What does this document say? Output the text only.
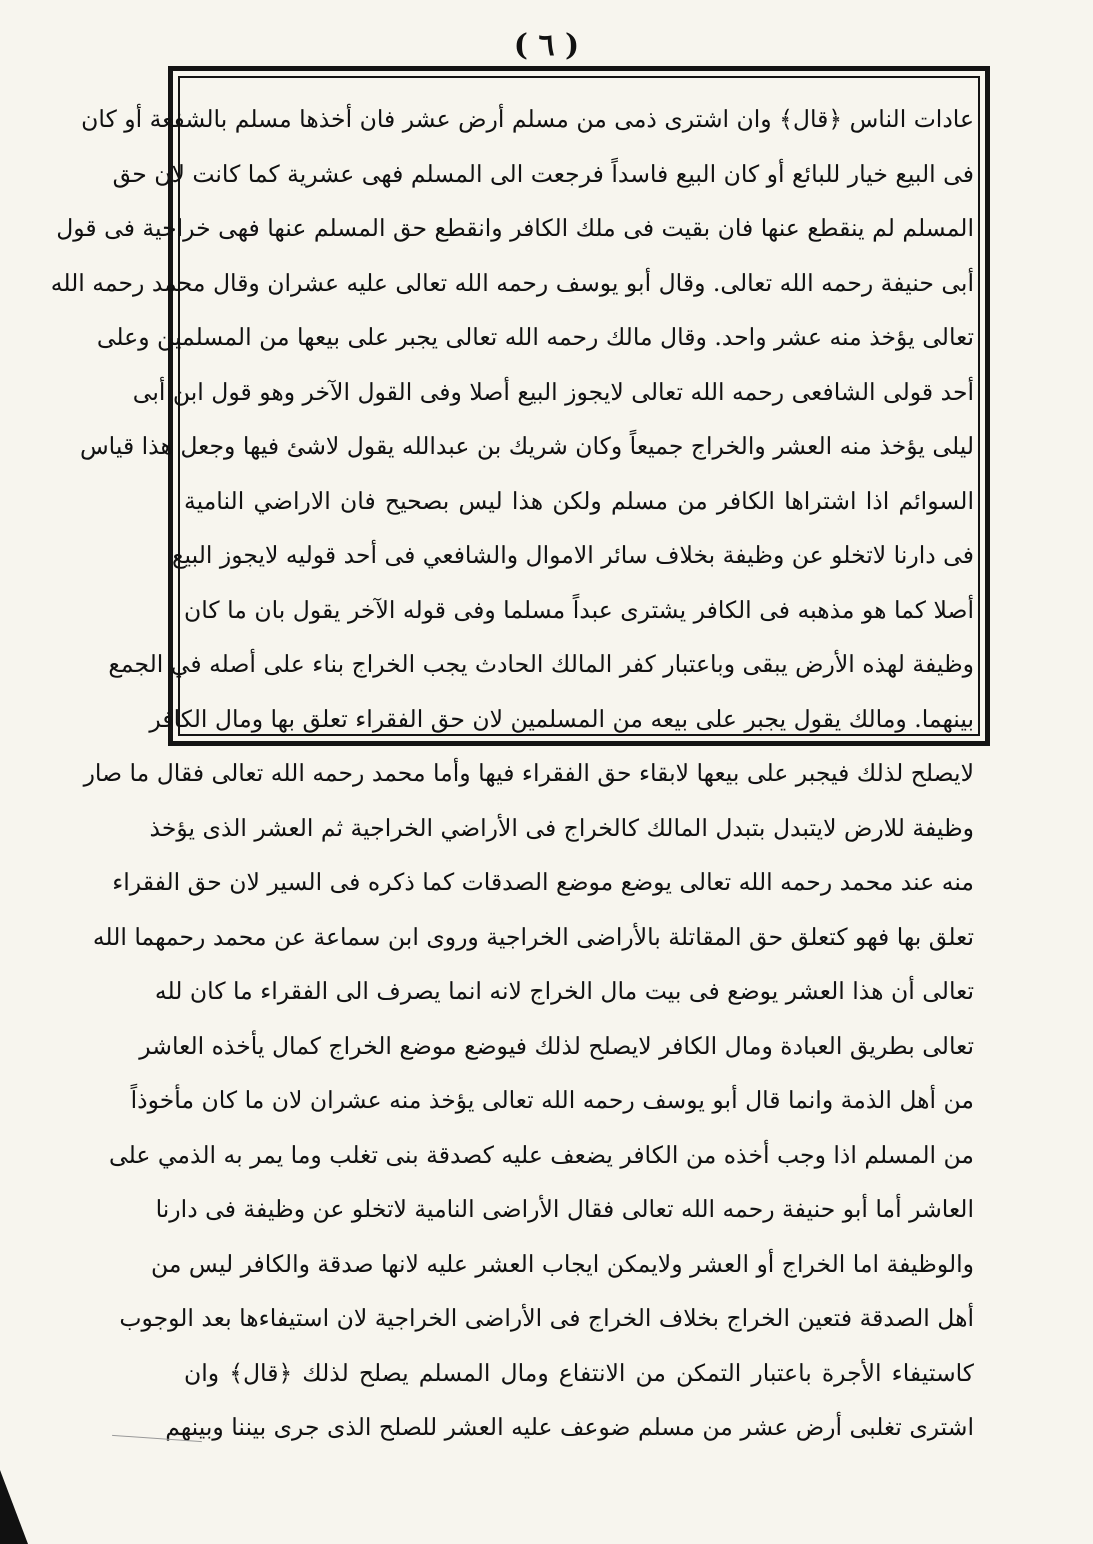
( ٦ )
عادات الناس ﴿قال﴾ وان اشترى ذمى من مسلم أرض عشر فان أخذها مسلم بالشفعة أو كان
فى البيع خيار للبائع أو كان البيع فاسداً فرجعت الى المسلم فهى عشرية كما كانت لان حق
المسلم لم ينقطع عنها فان بقيت فى ملك الكافر وانقطع حق المسلم عنها فهى خراجية فى قول
أبى حنيفة رحمه الله تعالى. وقال أبو يوسف رحمه الله تعالى عليه عشران وقال محمد رحمه الله
تعالى يؤخذ منه عشر واحد. وقال مالك رحمه الله تعالى يجبر على بيعها من المسلمين وعلى
أحد قولى الشافعى رحمه الله تعالى لايجوز البيع أصلا وفى القول الآخر وهو قول ابن أبى
ليلى يؤخذ منه العشر والخراج جميعاً وكان شريك بن عبدالله يقول لاشئ فيها وجعل هذا قياس
السوائم اذا اشتراها الكافر من مسلم ولكن هذا ليس بصحيح فان الاراضي النامية
فى دارنا لاتخلو عن وظيفة بخلاف سائر الاموال والشافعي فى أحد قوليه لايجوز البيع
أصلا كما هو مذهبه فى الكافر يشترى عبداً مسلما وفى قوله الآخر يقول بان ما كان
وظيفة لهذه الأرض يبقى وباعتبار كفر المالك الحادث يجب الخراج بناء على أصله في الجمع
بينهما. ومالك يقول يجبر على بيعه من المسلمين لان حق الفقراء تعلق بها ومال الكافر
لايصلح لذلك فيجبر على بيعها لابقاء حق الفقراء فيها وأما محمد رحمه الله تعالى فقال ما صار
وظيفة للارض لايتبدل بتبدل المالك كالخراج فى الأراضي الخراجية ثم العشر الذى يؤخذ
منه عند محمد رحمه الله تعالى يوضع موضع الصدقات كما ذكره فى السير لان حق الفقراء
تعلق بها فهو كتعلق حق المقاتلة بالأراضى الخراجية وروى ابن سماعة عن محمد رحمهما الله
تعالى أن هذا العشر يوضع فى بيت مال الخراج لانه انما يصرف الى الفقراء ما كان لله
تعالى بطريق العبادة ومال الكافر لايصلح لذلك فيوضع موضع الخراج كمال يأخذه العاشر
من أهل الذمة وانما قال أبو يوسف رحمه الله تعالى يؤخذ منه عشران لان ما كان مأخوذاً
من المسلم اذا وجب أخذه من الكافر يضعف عليه كصدقة بنى تغلب وما يمر به الذمي على
العاشر أما أبو حنيفة رحمه الله تعالى فقال الأراضى النامية لاتخلو عن وظيفة فى دارنا
والوظيفة اما الخراج أو العشر ولايمكن ايجاب العشر عليه لانها صدقة والكافر ليس من
أهل الصدقة فتعين الخراج بخلاف الخراج فى الأراضى الخراجية لان استيفاءها بعد الوجوب
كاستيفاء الأجرة باعتبار التمكن من الانتفاع ومال المسلم يصلح لذلك ﴿قال﴾ وان
اشترى تغلبى أرض عشر من مسلم ضوعف عليه العشر للصلح الذى جرى بيننا وبينهم
